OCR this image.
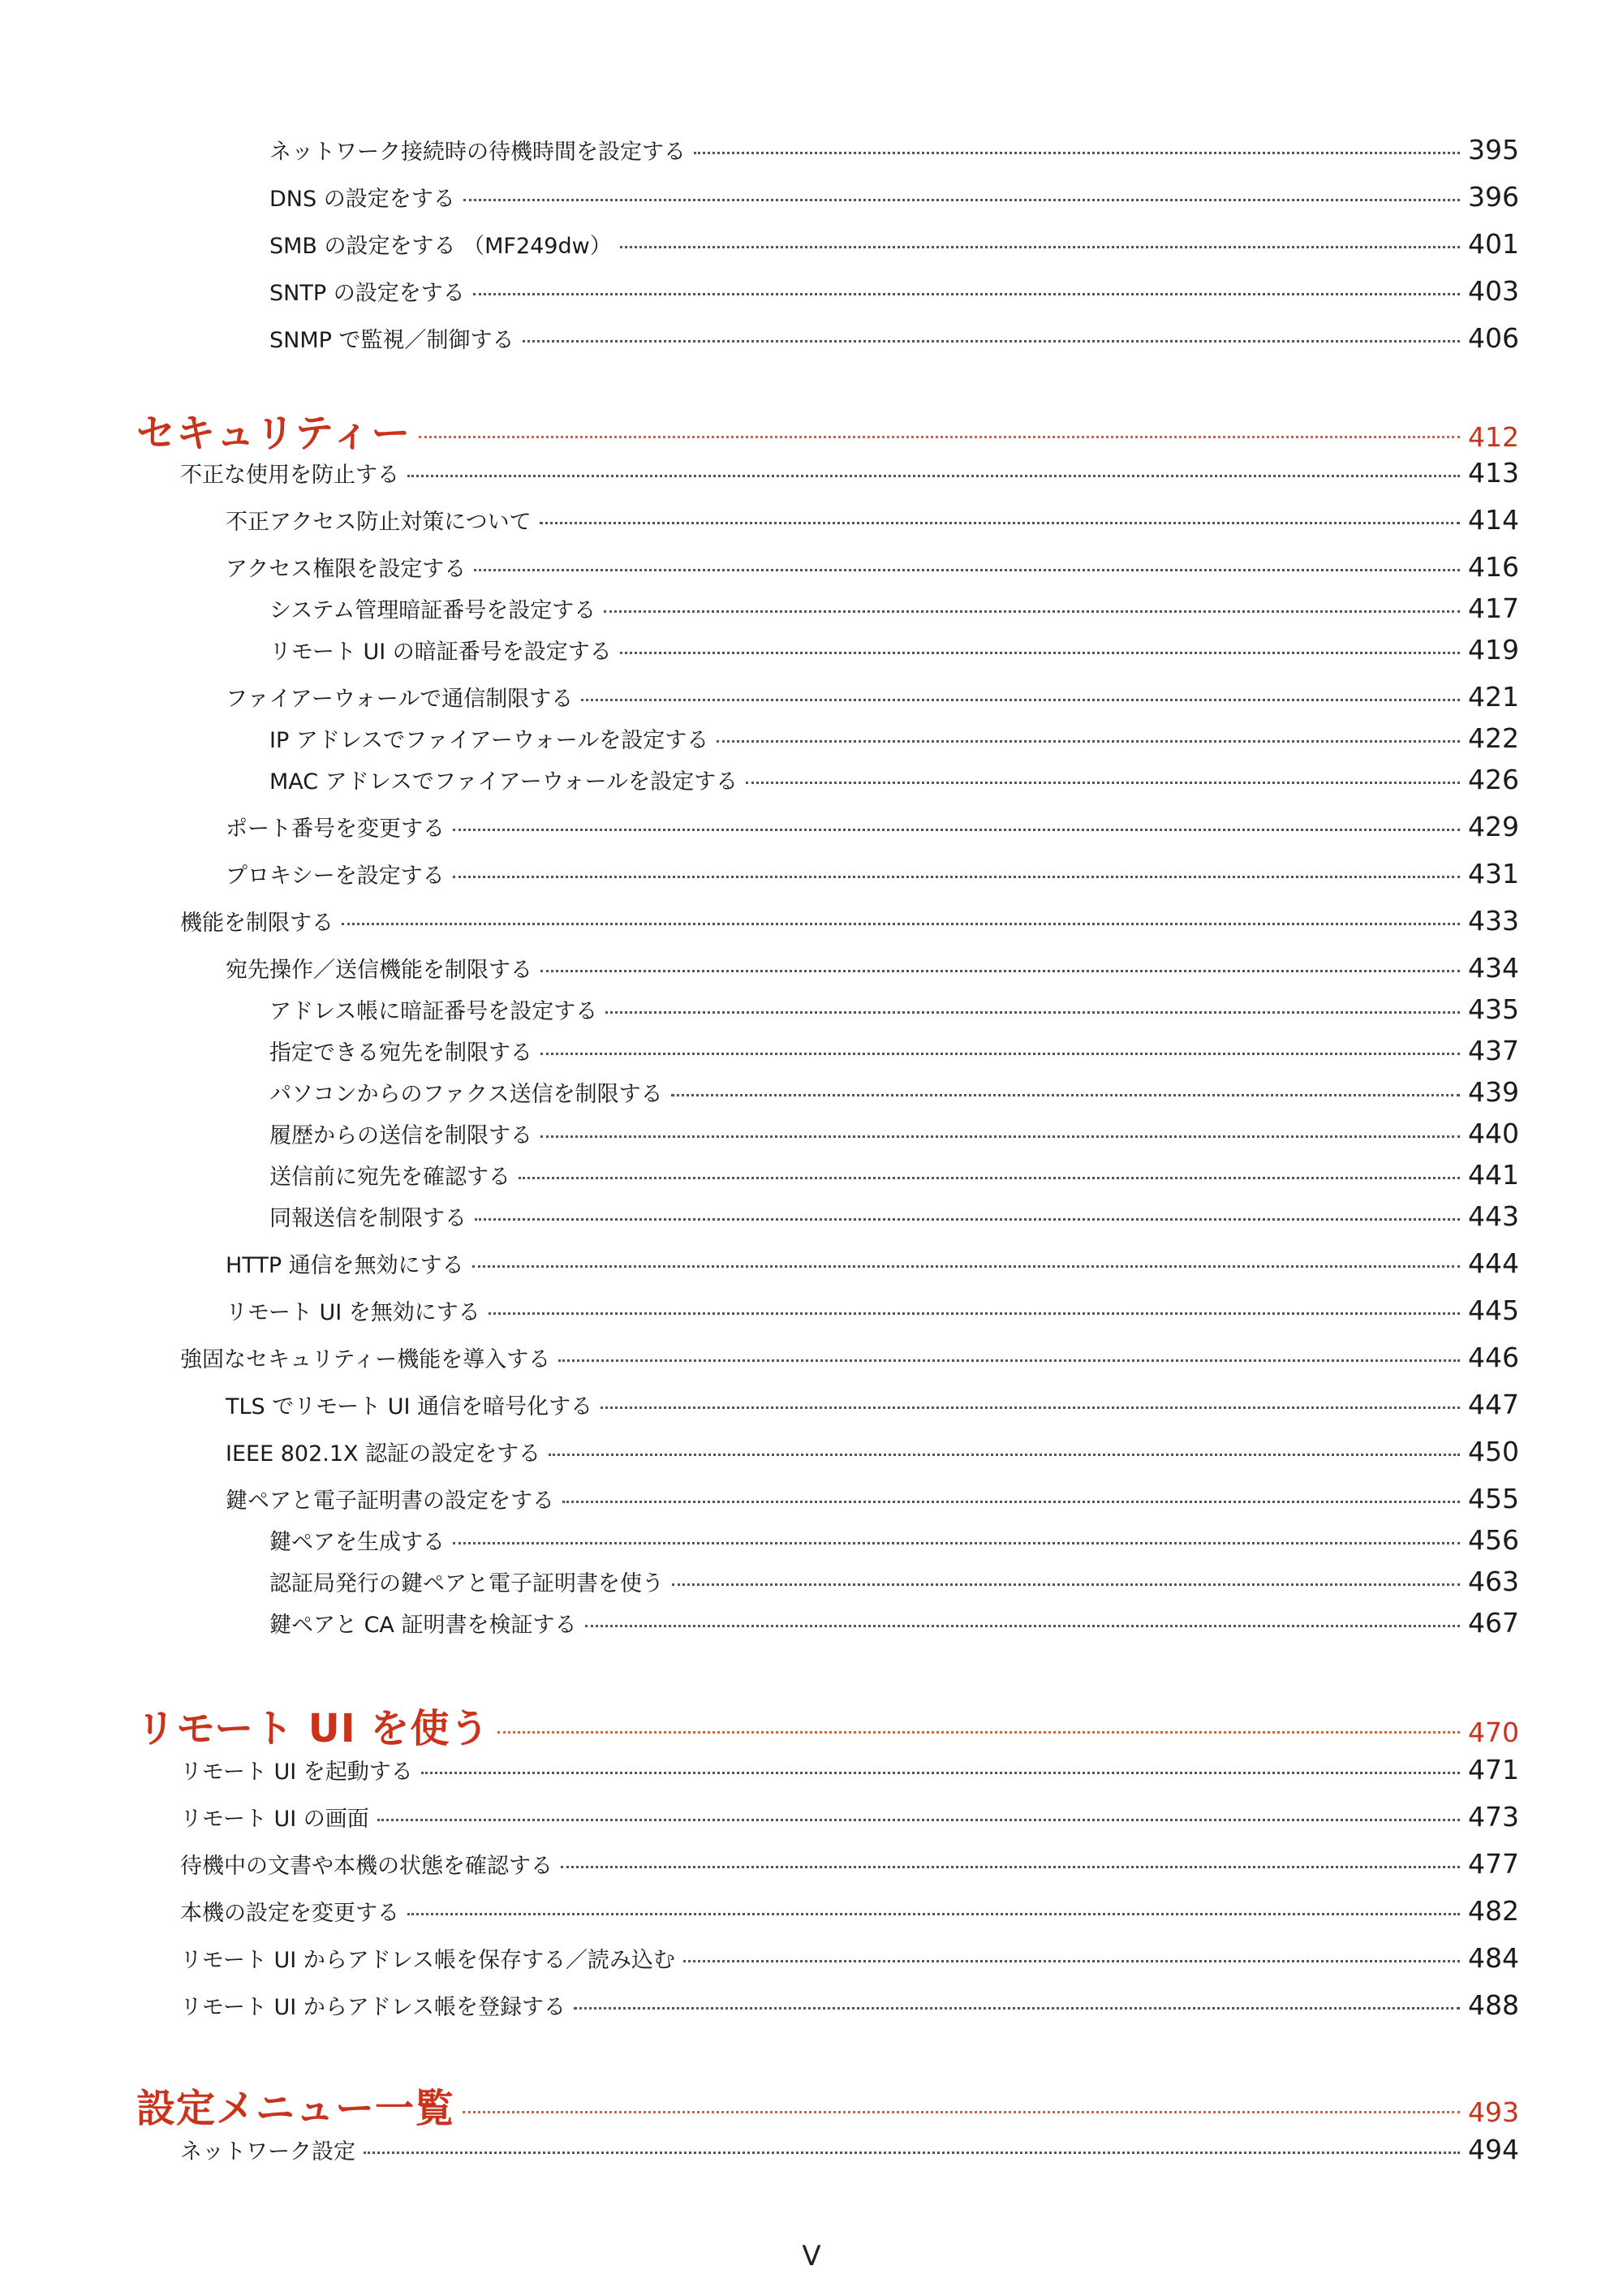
ネットワーク接続時の待機時間を設定する	395
DNS の設定をする	396
SMB の設定をする （MF249dw）	401
SNTP の設定をする	403
SNMP で監視／制御する	406
セキュリティー	412
不正な使用を防止する	413
不正アクセス防止対策について	414
アクセス権限を設定する	416
システム管理暗証番号を設定する	417
リモート UI の暗証番号を設定する	419
ファイアーウォールで通信制限する	421
IP アドレスでファイアーウォールを設定する	422
MAC アドレスでファイアーウォールを設定する	426
ポート番号を変更する	429
プロキシーを設定する	431
機能を制限する	433
宛先操作／送信機能を制限する	434
アドレス帳に暗証番号を設定する	435
指定できる宛先を制限する	437
パソコンからのファクス送信を制限する	439
履歴からの送信を制限する	440
送信前に宛先を確認する	441
同報送信を制限する	443
HTTP 通信を無効にする	444
リモート UI を無効にする	445
強固なセキュリティー機能を導入する	446
TLS でリモート UI 通信を暗号化する	447
IEEE 802.1X 認証の設定をする	450
鍵ペアと電子証明書の設定をする	455
鍵ペアを生成する	456
認証局発行の鍵ペアと電子証明書を使う	463
鍵ペアと CA 証明書を検証する	467
リモート UI を使う	470
リモート UI を起動する	471
リモート UI の画面	473
待機中の文書や本機の状態を確認する	477
本機の設定を変更する	482
リモート UI からアドレス帳を保存する／読み込む	484
リモート UI からアドレス帳を登録する	488
設定メニュー一覧	493
ネットワーク設定	494
V
